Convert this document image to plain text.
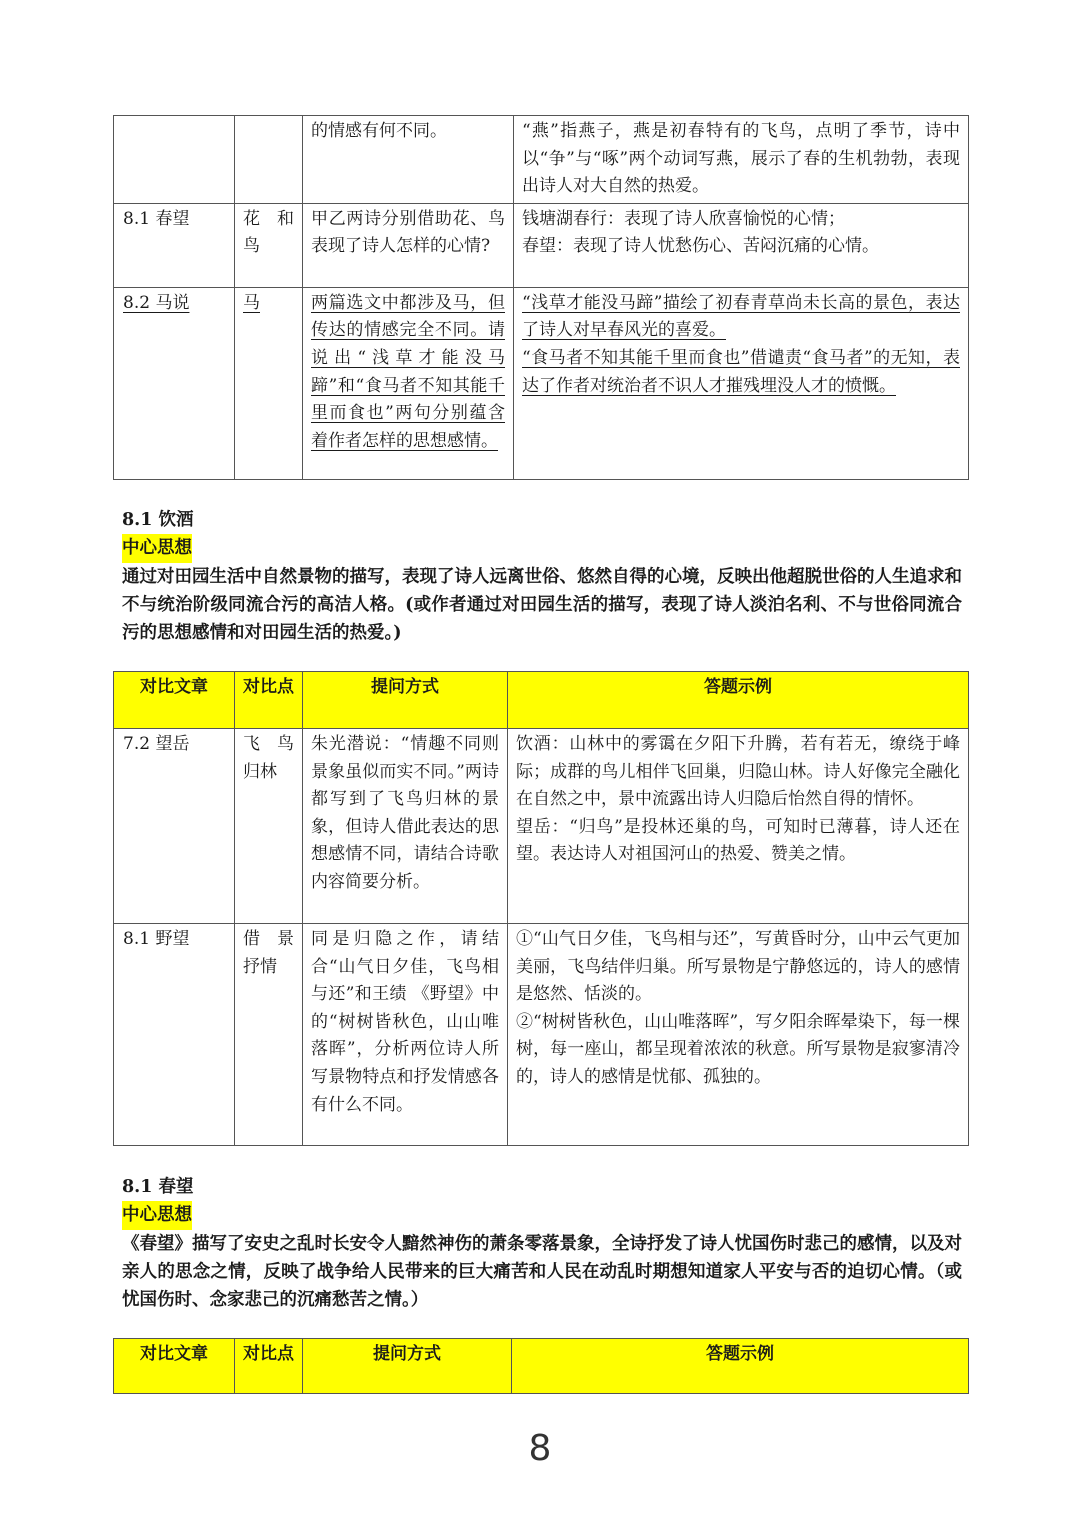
		的情感有何不同。	“燕”指燕子，燕是初春特有的飞鸟，点明了季节，诗中以“争”与“啄”两个动词写燕，展示了春的生机勃勃，表现出诗人对大自然的热爱。

8.1 春望	花 和鸟	甲乙两诗分别借助花、鸟表现了诗人怎样的心情?	钱塘湖春行：表现了诗人欣喜愉悦的心情；

春望：表现了诗人忧愁伤心、苦闷沉痛的心情。

8.2 马说	马	两篇选文中都涉及马，但传达的情感完全不同。请说出“浅草才能没马蹄”和“食马者不知其能千里而食也”两句分别蕴含着作者怎样的思想感情。	“浅草才能没马蹄”描绘了初春青草尚未长高的景色，表达了诗人对早春风光的喜爱。

“食马者不知其能千里而食也”借谴责“食马者”的无知，表达了作者对统治者不识人才摧残埋没人才的愤慨。

8.1 饮酒
中心思想
通过对田园生活中自然景物的描写，表现了诗人远离世俗、悠然自得的心境，反映出他超脱世俗的人生追求和不与统治阶级同流合污的高洁人格。(或作者通过对田园生活的描写，表现了诗人淡泊名利、不与世俗同流合污的思想感情和对田园生活的热爱。)
对比文章	对比点	提问方式	答题示例
7.2 望岳	飞 鸟归林	朱光潜说：“情趣不同则景象虽似而实不同。”两诗都写到了飞鸟归林的景象，但诗人借此表达的思想感情不同，请结合诗歌内容简要分析。	饮酒：山林中的雾霭在夕阳下升腾，若有若无，缭绕于峰际；成群的鸟儿相伴飞回巢，归隐山林。诗人好像完全融化在自然之中，景中流露出诗人归隐后怡然自得的情怀。

望岳：“归鸟”是投林还巢的鸟，可知时已薄暮，诗人还在望。表达诗人对祖国河山的热爱、赞美之情。

8.1 野望	借 景抒情	同是归隐之作，请结合“山气日夕佳，飞鸟相与还”和王绩 《野望》中的“树树皆秋色，山山唯落晖”，分析两位诗人所写景物特点和抒发情感各有什么不同。	①“山气日夕佳，飞鸟相与还”，写黄昏时分，山中云气更加美丽，飞鸟结伴归巢。所写景物是宁静悠远的，诗人的感情是悠然、恬淡的。

②“树树皆秋色，山山唯落晖”，写夕阳余晖晕染下，每一棵树，每一座山，都呈现着浓浓的秋意。所写景物是寂寥清冷的，诗人的感情是忧郁、孤独的。

8.1 春望
中心思想
《春望》描写了安史之乱时长安令人黯然神伤的萧条零落景象，全诗抒发了诗人忧国伤时悲己的感情，以及对亲人的思念之情，反映了战争给人民带来的巨大痛苦和人民在动乱时期想知道家人平安与否的迫切心情。（或忧国伤时、念家悲己的沉痛愁苦之情。）
对比文章	对比点	提问方式	答题示例
8
